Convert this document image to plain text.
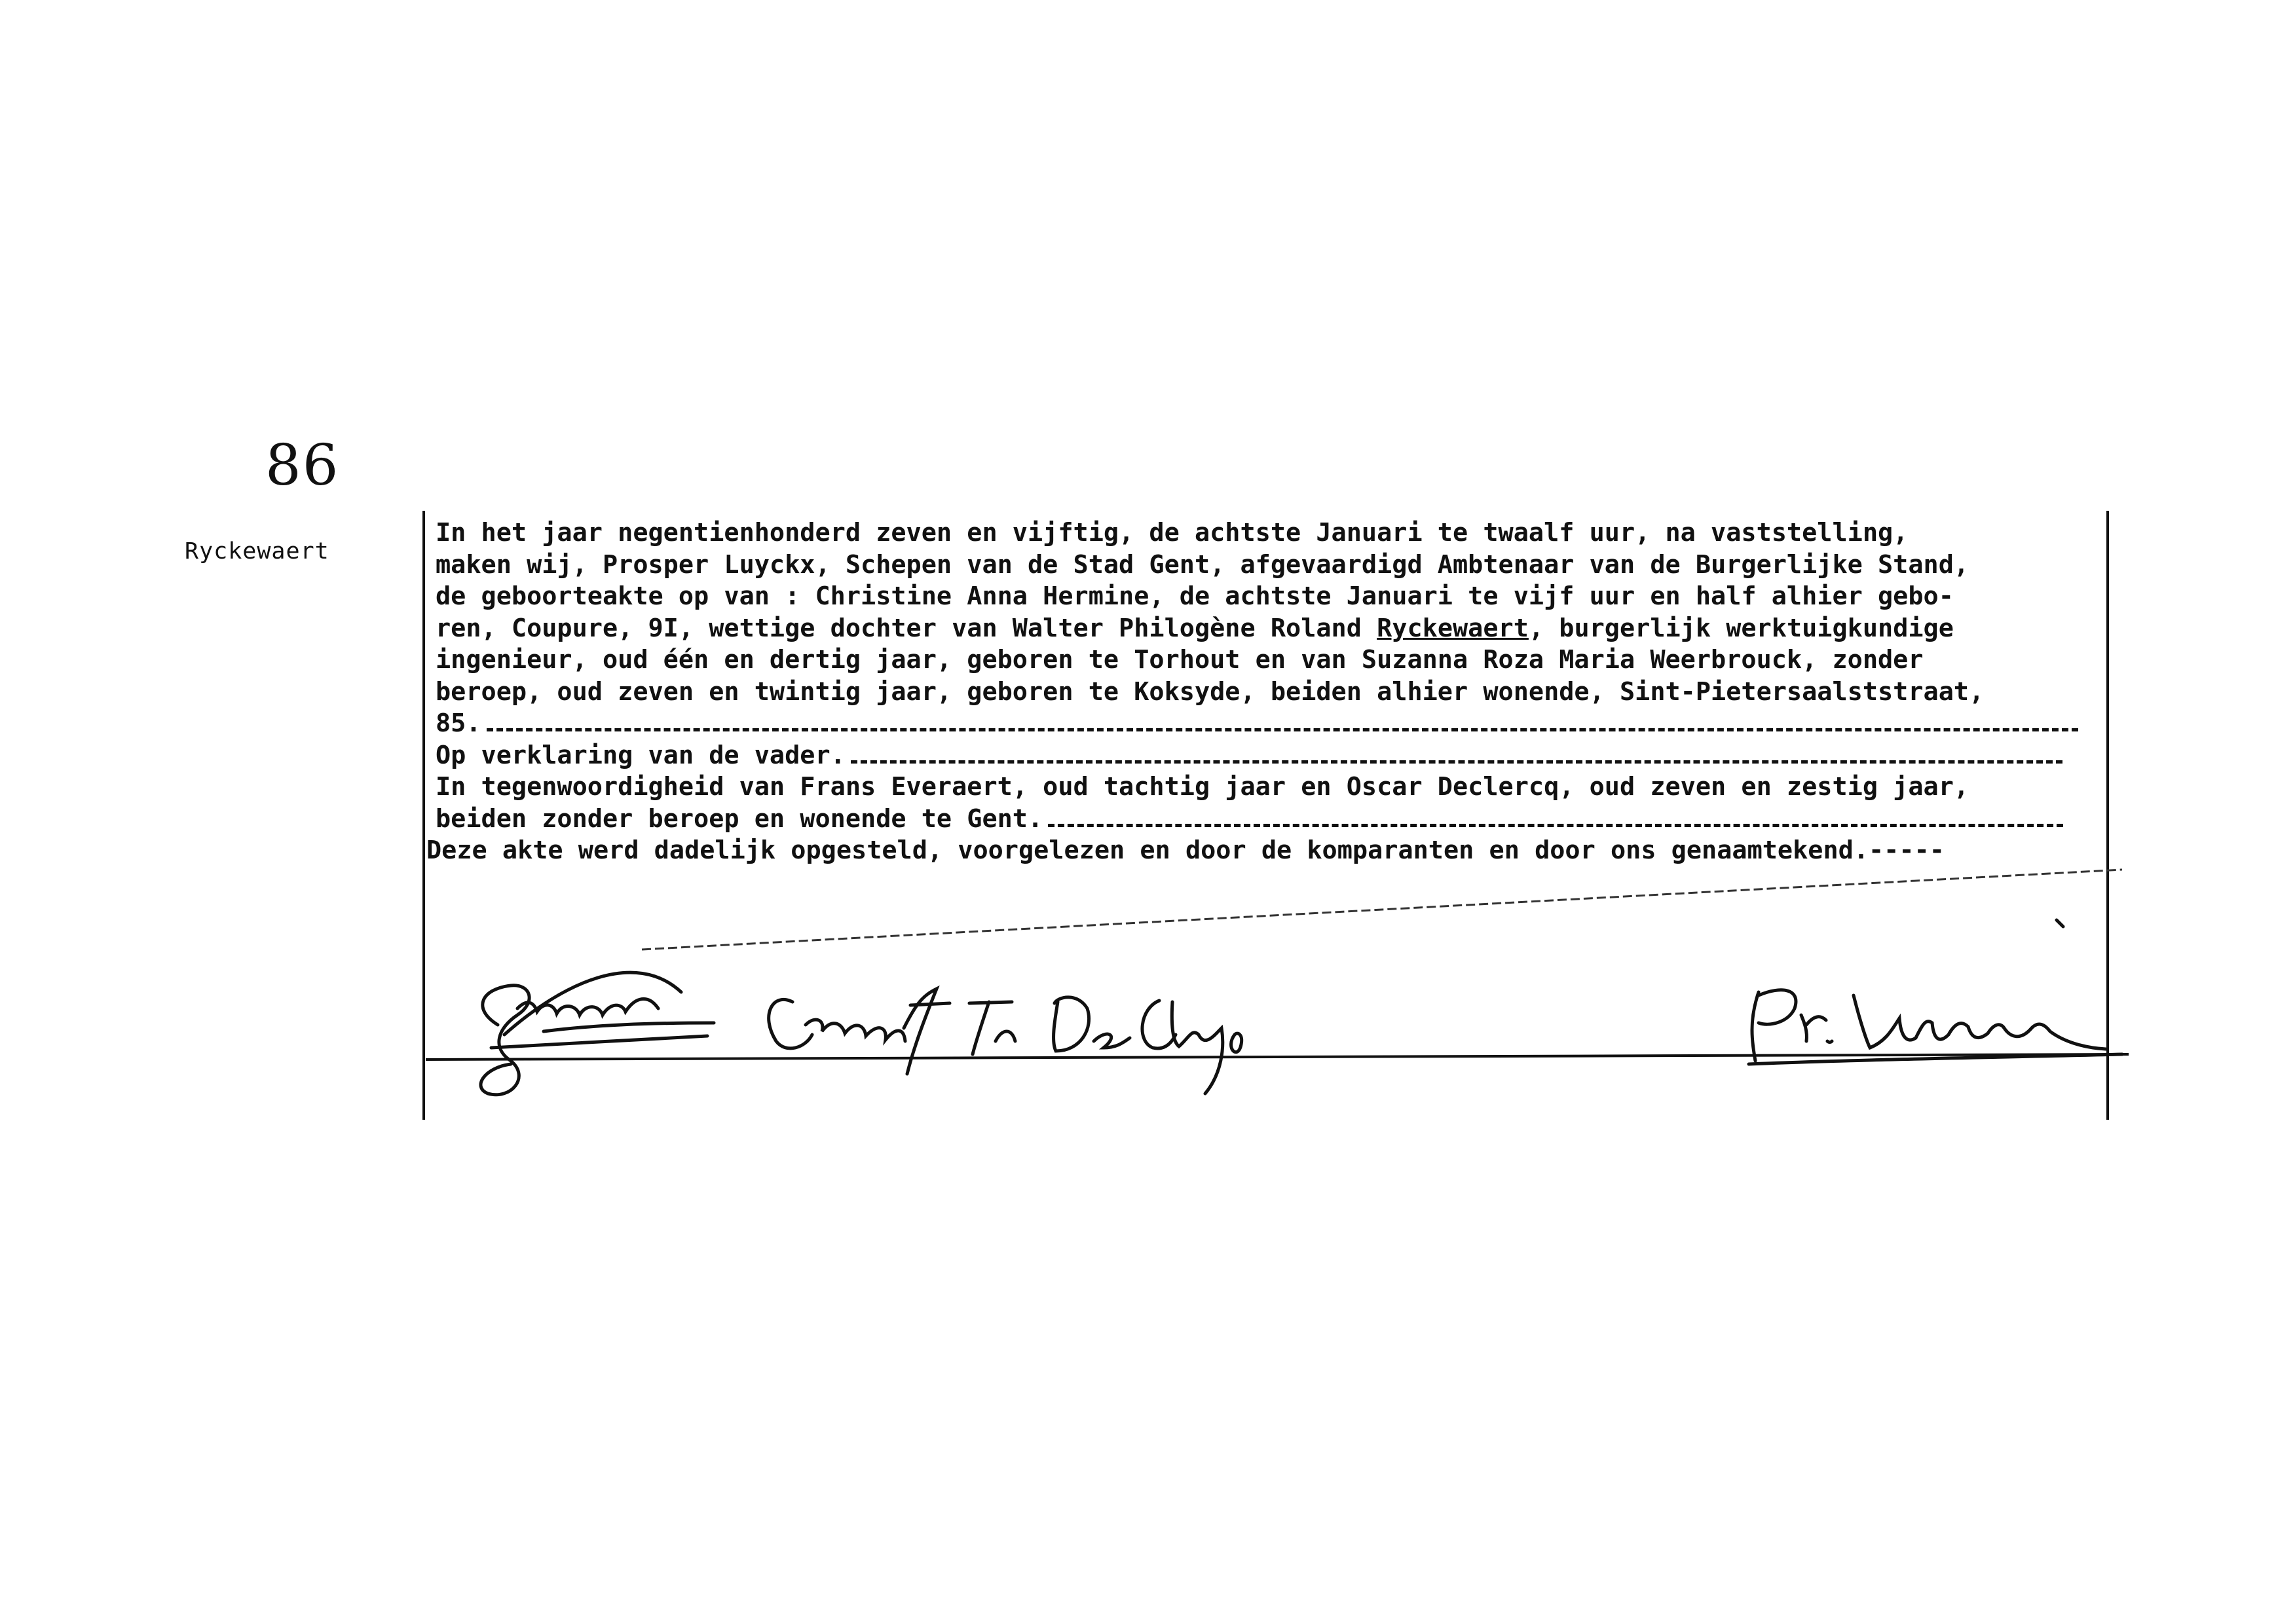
86
Ryckewaert
In het jaar negentienhonderd zeven en vijftig, de achtste Januari te twaalf uur, na vaststelling,
maken wij, Prosper Luyckx, Schepen van de Stad Gent, afgevaardigd Ambtenaar van de Burgerlijke Stand,
de geboorteakte op van : Christine Anna Hermine, de achtste Januari te vijf uur en half alhier gebo-
ren, Coupure, 9I, wettige dochter van Walter Philogène Roland Ryckewaert, burgerlijk werktuigkundige
ingenieur, oud één en dertig jaar, geboren te Torhout en van Suzanna Roza Maria Weerbrouck, zonder
beroep, oud zeven en twintig jaar, geboren te Koksyde, beiden alhier wonende, Sint-Pietersaalststraat,
85.
Op verklaring van de vader.
In tegenwoordigheid van Frans Everaert, oud tachtig jaar en Oscar Declercq, oud zeven en zestig jaar,
beiden zonder beroep en wonende te Gent.
Deze akte werd dadelijk opgesteld, voorgelezen en door de komparanten en door ons genaamtekend.-----
